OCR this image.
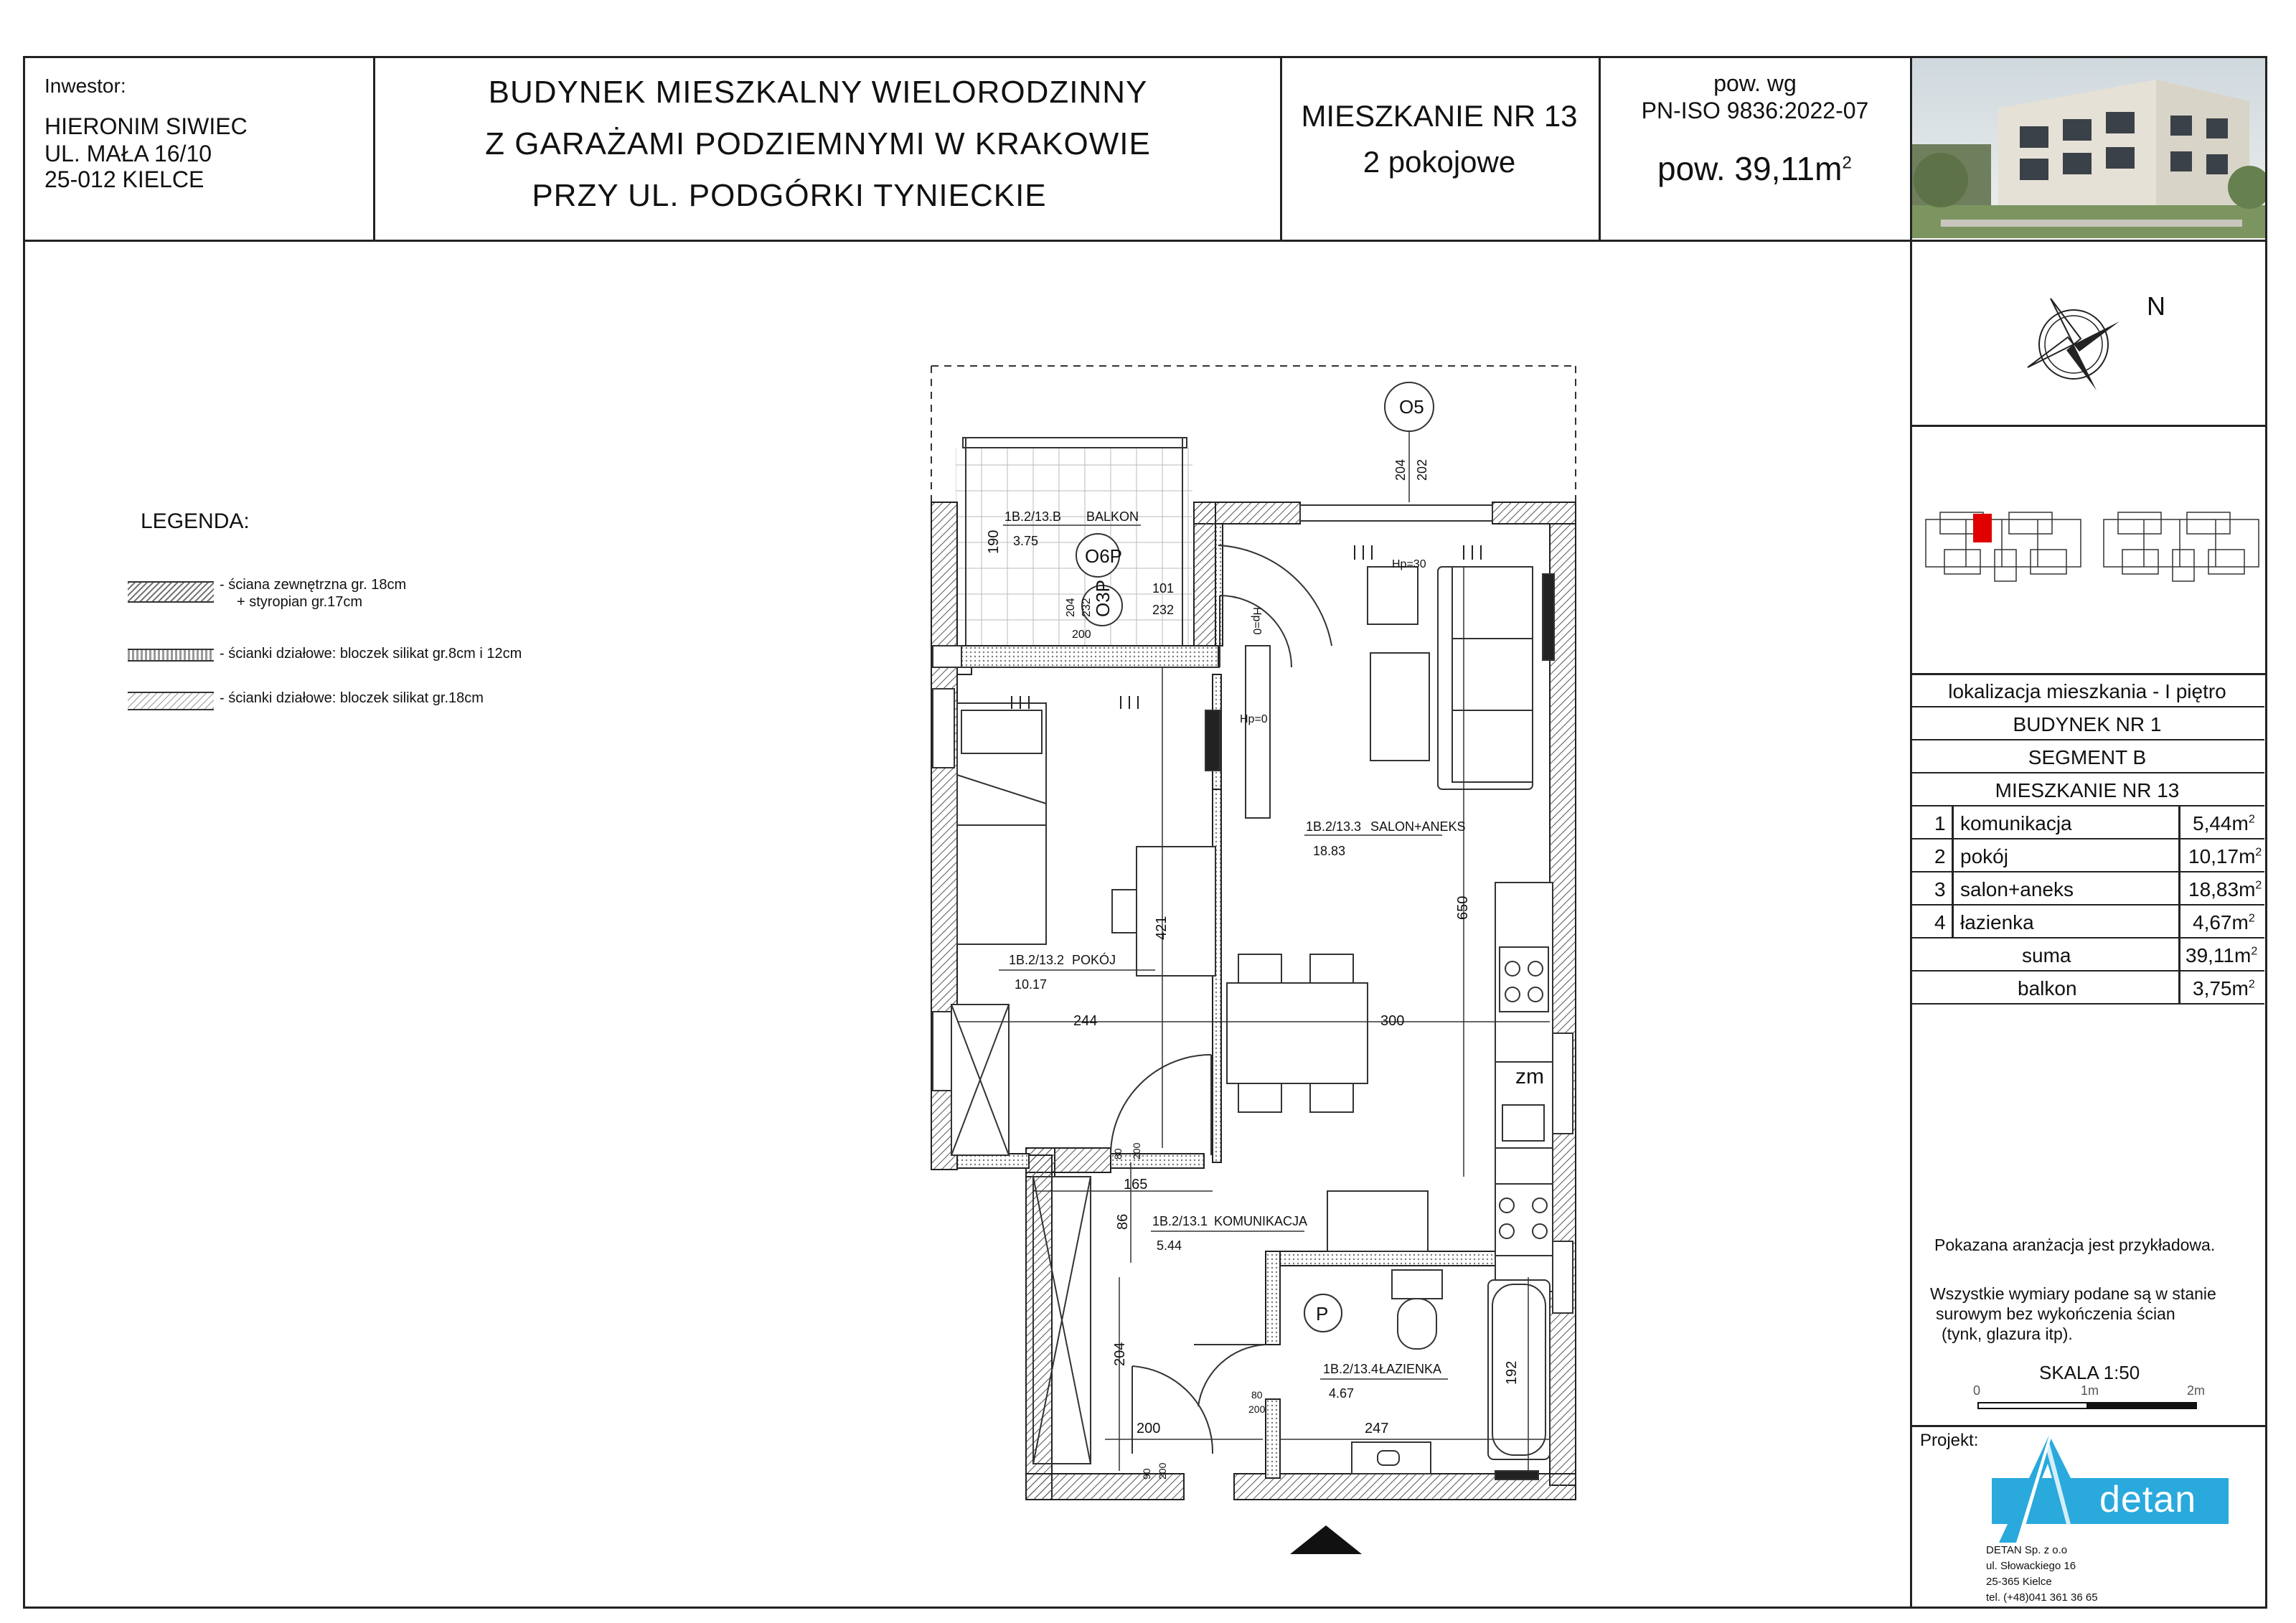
Inwestor:
HIERONIM SIWIEC
UL. MAŁA 16/10
25-012 KIELCE
BUDYNEK MIESZKALNY WIELORODZINNY
Z GARAŻAMI PODZIEMNYMI W KRAKOWIE
PRZY UL. PODGÓRKI TYNIECKIE
MIESZKANIE NR 13
2 pokojowe
pow. wg
PN-ISO 9836:2022-07
pow. $39,11m^2$
LEGENDA:
- ściana zewnętrzna gr. 18cm
+ styropian gr.17cm
- ścianki działowe: bloczek silikat gr.8cm i 12cm
- ścianki działowe: bloczek silikat gr.18cm
N
lokalizacja mieszkania - I piętro
BUDYNEK NR 1
SEGMENT B
MIESZKANIE NR 13
1 komunikacja	$5,44m^2$
2 pokój	$10,17m^2$
3 salon+aneks	$18,83m^2$
4 łazienka	$4,67m^2$
suma	$39,11m^2$
balkon	$3,75m^2$
Pokazana aranżacja jest przykładowa.
Wszystkie wymiary podane są w stanie
surowym bez wykończenia ścian
(tynk, glazura itp).
SKALA 1:50
0	1m	2m
Projekt:
detan
DETAN Sp. z o.o
ul. Słowackiego 16
25-365 Kielce
tel. (+48)041 361 36 65
1B.2/13.B BALKON
3.75
1B.2/13.3 SALON+ANEKS
18.83
1B.2/13.2 POKÓJ
10.17
1B.2/13.1 KOMUNIKACJA
5.44
1B.2/13.4 ŁAZIENKA
4.67
O5
O6P
O3P
P
zm
190
101
232
204 202
204
200
232
Hp=30
Hp=0
Hp=0
421
650
244	300
165
86
80 200
204
200	247
192
80
200
90 200
